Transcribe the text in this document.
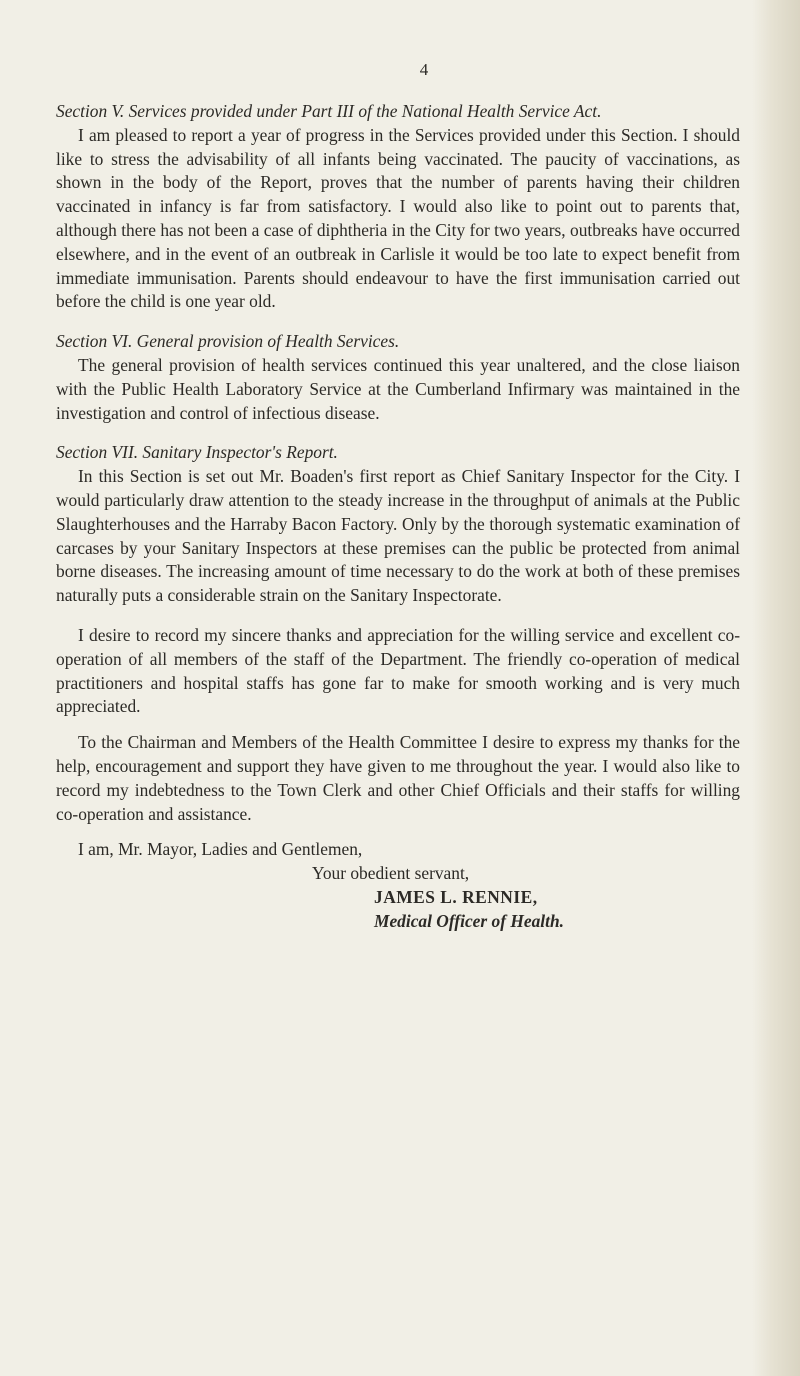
4

Section V. Services provided under Part III of the National Health Service Act.

I am pleased to report a year of progress in the Services provided under this Section. I should like to stress the advisability of all infants being vaccinated. The paucity of vaccinations, as shown in the body of the Report, proves that the number of parents having their children vaccinated in infancy is far from satisfactory. I would also like to point out to parents that, although there has not been a case of diphtheria in the City for two years, outbreaks have occurred elsewhere, and in the event of an outbreak in Carlisle it would be too late to expect benefit from immediate immunisation. Parents should endeavour to have the first immunisation carried out before the child is one year old.

Section VI. General provision of Health Services.

The general provision of health services continued this year unaltered, and the close liaison with the Public Health Laboratory Service at the Cumberland Infirmary was maintained in the investigation and control of infectious disease.

Section VII. Sanitary Inspector's Report.

In this Section is set out Mr. Boaden's first report as Chief Sanitary Inspector for the City. I would particularly draw attention to the steady increase in the throughput of animals at the Public Slaughterhouses and the Harraby Bacon Factory. Only by the thorough systematic examination of carcases by your Sanitary Inspectors at these premises can the public be protected from animal borne diseases. The increasing amount of time necessary to do the work at both of these premises naturally puts a considerable strain on the Sanitary Inspectorate.

I desire to record my sincere thanks and appreciation for the willing service and excellent co-operation of all members of the staff of the Department. The friendly co-operation of medical practitioners and hospital staffs has gone far to make for smooth working and is very much appreciated.

To the Chairman and Members of the Health Committee I desire to express my thanks for the help, encouragement and support they have given to me throughout the year. I would also like to record my indebtedness to the Town Clerk and other Chief Officials and their staffs for willing co-operation and assistance.

I am, Mr. Mayor, Ladies and Gentlemen,

Your obedient servant,

JAMES L. RENNIE,

Medical Officer of Health.
